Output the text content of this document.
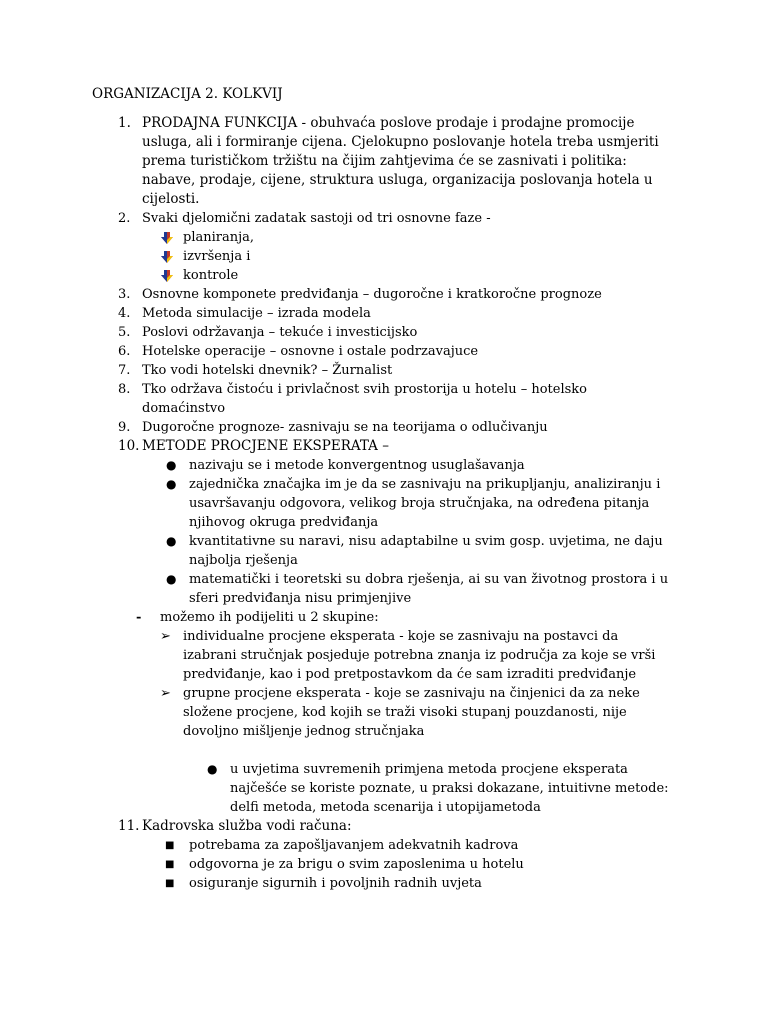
ORGANIZACIJA 2. KOLKVIJ
1. PRODAJNA FUNKCIJA - obuhvaća poslove prodaje i prodajne promocije usluga, ali i formiranje cijena. Cjelokupno poslovanje hotela treba usmjeriti prema turističkom tržištu na čijim zahtjevima će se zasnivati i politika: nabave, prodaje, cijene, struktura usluga, organizacija poslovanja hotela u cijelosti.
2. Svaki djelomični zadatak sastoji od tri osnovne faze -
planiranja,
izvršenja i
kontrole
3. Osnovne komponete predviđanja – dugoročne i kratkoročne prognoze
4. Metoda simulacije – izrada modela
5. Poslovi održavanja – tekuće i investicijsko
6. Hotelske operacije – osnovne i ostale podrzavajuce
7. Tko vodi hotelski dnevnik? – Žurnalist
8. Tko održava čistoću i privlačnost svih prostorija u hotelu – hotelsko domaćinstvo
9. Dugoročne prognoze- zasnivaju se na teorijama o odlučivanju
10. METODE PROCJENE EKSPERATA –
● nazivaju se i metode konvergentnog usuglašavanja
● zajednička značajka im je da se zasnivaju na prikupljanju, analiziranju i usavršavanju odgovora, velikog broja stručnjaka, na određena pitanja njihovog okruga predviđanja
● kvantitativne su naravi, nisu adaptabilne u svim gosp. uvjetima, ne daju najbolja rješenja
● matematički i teoretski su dobra rješenja, ai su van životnog prostora i u sferi predviđanja nisu primjenjive
- možemo ih podijeliti u 2 skupine:
➢ individualne procjene eksperata - koje se zasnivaju na postavci da izabrani stručnjak posjeduje potrebna znanja iz područja za koje se vrši predviđanje, kao i pod pretpostavkom da će sam izraditi predviđanje
➢ grupne procjene eksperata - koje se zasnivaju na činjenici da za neke složene procjene, kod kojih se traži visoki stupanj pouzdanosti, nije dovoljno mišljenje jednog stručnjaka
● u uvjetima suvremenih primjena metoda procjene eksperata najčešće se koriste poznate, u praksi dokazane, intuitivne metode: delfi metoda, metoda scenarija i utopijametoda
11. Kadrovska služba vodi računa:
■ potrebama za zapošljavanjem adekvatnih kadrova
■ odgovorna je za brigu o svim zaposlenima u hotelu
■ osiguranje sigurnih i povoljnih radnih uvjeta
